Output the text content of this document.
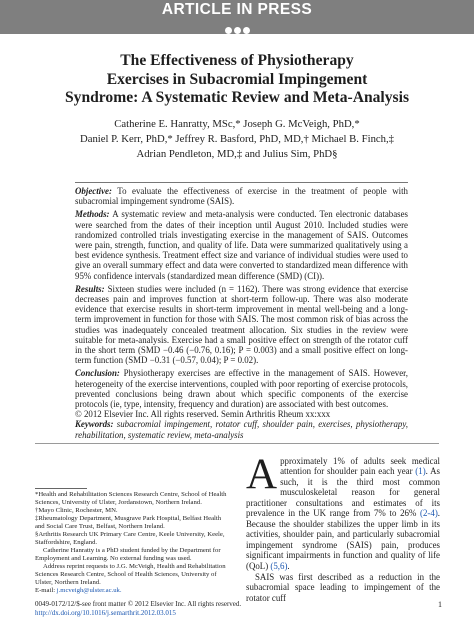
ARTICLE IN PRESS
The Effectiveness of Physiotherapy
Exercises in Subacromial Impingement
Syndrome: A Systematic Review and Meta-Analysis
Catherine E. Hanratty, MSc,* Joseph G. McVeigh, PhD,*
Daniel P. Kerr, PhD,* Jeffrey R. Basford, PhD, MD,† Michael B. Finch,‡
Adrian Pendleton, MD,‡ and Julius Sim, PhD§

Objective: To evaluate the effectiveness of exercise in the treatment of people with subacromial impingement syndrome (SAIS).

Methods: A systematic review and meta-analysis were conducted. Ten electronic databases were searched from the dates of their inception until August 2010. Included studies were randomized controlled trials investigating exercise in the management of SAIS. Outcomes were pain, strength, function, and quality of life. Data were summarized qualitatively using a best evidence synthesis. Treatment effect size and variance of individual studies were used to give an overall summary effect and data were converted to standardized mean difference with 95% confidence intervals (standardized mean difference (SMD) (CI)).

Results: Sixteen studies were included (n = 1162). There was strong evidence that exercise decreases pain and improves function at short-term follow-up. There was also moderate evidence that exercise results in short-term improvement in mental well-being and a long-term improvement in function for those with SAIS. The most common risk of bias across the studies was inadequately concealed treatment allocation. Six studies in the review were suitable for meta-analysis. Exercise had a small positive effect on strength of the rotator cuff in the short term (SMD −0.46 (−0.76, 0.16); P = 0.003) and a small positive effect on long-term function (SMD −0.31 (−0.57, 0.04); P = 0.02).

Conclusion: Physiotherapy exercises are effective in the management of SAIS. However, heterogeneity of the exercise interventions, coupled with poor reporting of exercise protocols, prevented conclusions being drawn about which specific components of the exercise protocols (ie, type, intensity, frequency and duration) are associated with best outcomes.

© 2012 Elsevier Inc. All rights reserved. Semin Arthritis Rheum xx:xxx

Keywords: subacromial impingement, rotator cuff, shoulder pain, exercises, physiotherapy, rehabilitation, systematic review, meta-analysis

*Health and Rehabilitation Sciences Research Centre, School of Health Sciences, University of Ulster, Jordanstown, Northern Ireland.

†Mayo Clinic, Rochester, MN.

‡Rheumatology Department, Musgrave Park Hospital, Belfast Health and Social Care Trust, Belfast, Northern Ireland.

§Arthritis Research UK Primary Care Centre, Keele University, Keele, Staffordshire, England.

Catherine Hanratty is a PhD student funded by the Department for Employment and Learning. No external funding was used.

Address reprint requests to J.G. McVeigh, Health and Rehabilitation Sciences Research Centre, School of Health Sciences, University of Ulster, Northern Ireland.

E-mail: j.mcveigh@ulster.ac.uk.

0049-0172/12/$-see front matter © 2012 Elsevier Inc. All rights reserved.
http://dx.doi.org/10.1016/j.semarthrit.2012.03.015

Approximately 1% of adults seek medical attention for shoulder pain each year (1). As such, it is the third most common musculoskeletal reason for general practitioner consultations and estimates of its prevalence in the UK range from 7% to 26% (2-4). Because the shoulder stabilizes the upper limb in its activities, shoulder pain, and particularly subacromial impingement syndrome (SAIS) pain, produces significant impairments in function and quality of life (QoL) (5,6).

SAIS was first described as a reduction in the subacromial space leading to impingement of the rotator cuff

1
